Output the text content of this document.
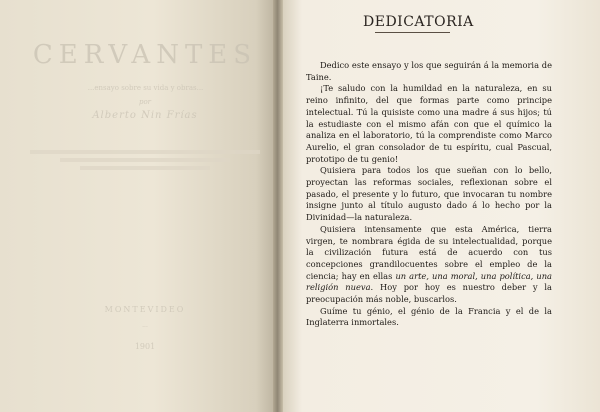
CERVANTES
...ensayo sobre su vida y obras...
por
Alberto Nin Frías
MONTEVIDEO
...
1901
DEDICATORIA

Dedico este ensayo y los que seguirán á la memoria de Taine.

¡Te saludo con la humildad en la naturaleza, en su reino infinito, del que formas parte como principe intelectual. Tú la quisiste como una madre á sus hijos; tú la estudiaste con el mismo afán con que el químico la analiza en el laboratorio, tú la comprendiste como Marco Aurelio, el gran consolador de tu espíritu, cual Pascual, prototipo de tu genio!

Quisiera para todos los que sueñan con lo bello, proyectan las reformas sociales, reflexionan sobre el pasado, el presente y lo futuro, que invocaran tu nombre insigne junto al título augusto dado á lo hecho por la Divinidad—la naturaleza.

Quisiera intensamente que esta América, tierra virgen, te nombrara égida de su intelectualidad, porque la civilización futura está de acuerdo con tus concepciones grandilocuentes sobre el empleo de la ciencia; hay en ellas un arte, una moral, una política, una religión nueva. Hoy por hoy es nuestro deber y la preocupación más noble, buscarlos.

Guíme tu génio, el génio de la Francia y el de la Inglaterra inmortales.
